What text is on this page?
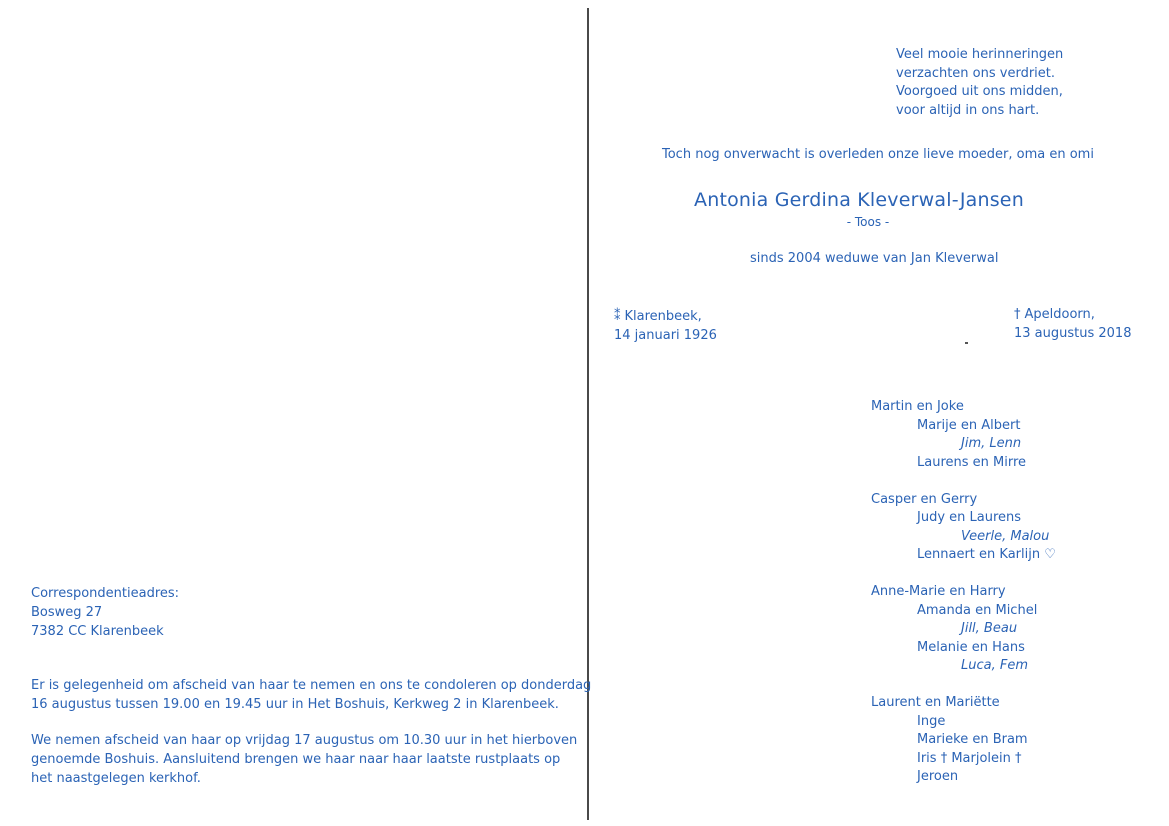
Veel mooie herinneringen
verzachten ons verdriet.
Voorgoed uit ons midden,
voor altijd in ons hart.
Toch nog onverwacht is overleden onze lieve moeder, oma en omi
Antonia Gerdina Kleverwal-Jansen
- Toos -
sinds 2004 weduwe van Jan Kleverwal
⁑ Klarenbeek,
14 januari 1926
† Apeldoorn,
13 augustus 2018
Martin en Joke
Marije en Albert
Jim, Lenn
Laurens en Mirre
Casper en Gerry
Judy en Laurens
Veerle, Malou
Lennaert en Karlijn ♡
Anne-Marie en Harry
Amanda en Michel
Jill, Beau
Melanie en Hans
Luca, Fem
Laurent en Mariëtte
Inge
Marieke en Bram
Iris † Marjolein †
Jeroen
Correspondentieadres:
Bosweg 27
7382 CC Klarenbeek
Er is gelegenheid om afscheid van haar te nemen en ons te condoleren op donderdag
16 augustus tussen 19.00 en 19.45 uur in Het Boshuis, Kerkweg 2 in Klarenbeek.
We nemen afscheid van haar op vrijdag 17 augustus om 10.30 uur in het hierboven
genoemde Boshuis. Aansluitend brengen we haar naar haar laatste rustplaats op
het naastgelegen kerkhof.
